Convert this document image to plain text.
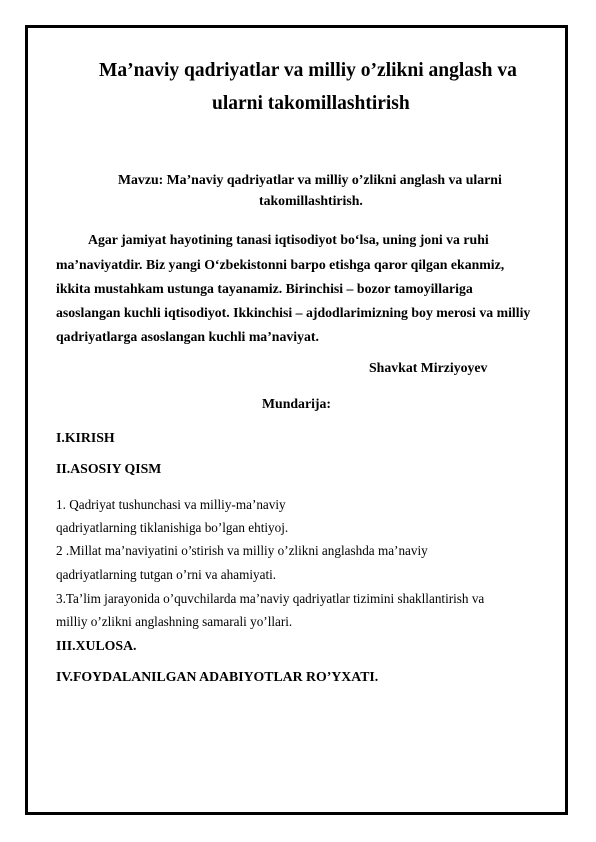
Ma’naviy qadriyatlar va milliy o’zlikni anglash va

ularni takomillashtirish

Mavzu: Ma’naviy qadriyatlar va milliy o’zlikni anglash va ularni

takomillashtirish.

Agar jamiyat hayotining tanasi iqtisodiyot bo‘lsa, uning joni va ruhi

ma’naviyatdir. Biz yangi O‘zbekistonni barpo etishga qaror qilgan ekanmiz,

ikkita mustahkam ustunga tayanamiz. Birinchisi – bozor tamoyillariga

asoslangan kuchli iqtisodiyot. Ikkinchisi – ajdodlarimizning boy merosi va milliy

qadriyatlarga asoslangan kuchli ma’naviyat.

Shavkat Mirziyoyev

Mundarija:

I.KIRISH

II.ASOSIY QISM

1. Qadriyat tushunchasi va milliy-ma’naviy

qadriyatlarning tiklanishiga bo’lgan ehtiyoj.

2 .Millat ma’naviyatini o’stirish va milliy o’zlikni anglashda ma’naviy

qadriyatlarning tutgan o’rni va ahamiyati.

3.Ta’lim jarayonida o’quvchilarda ma’naviy qadriyatlar tizimini shakllantirish va

milliy o’zlikni anglashning samarali yo’llari.

III.XULOSA.

IV.FOYDALANILGAN ADABIYOTLAR RO’YXATI.
